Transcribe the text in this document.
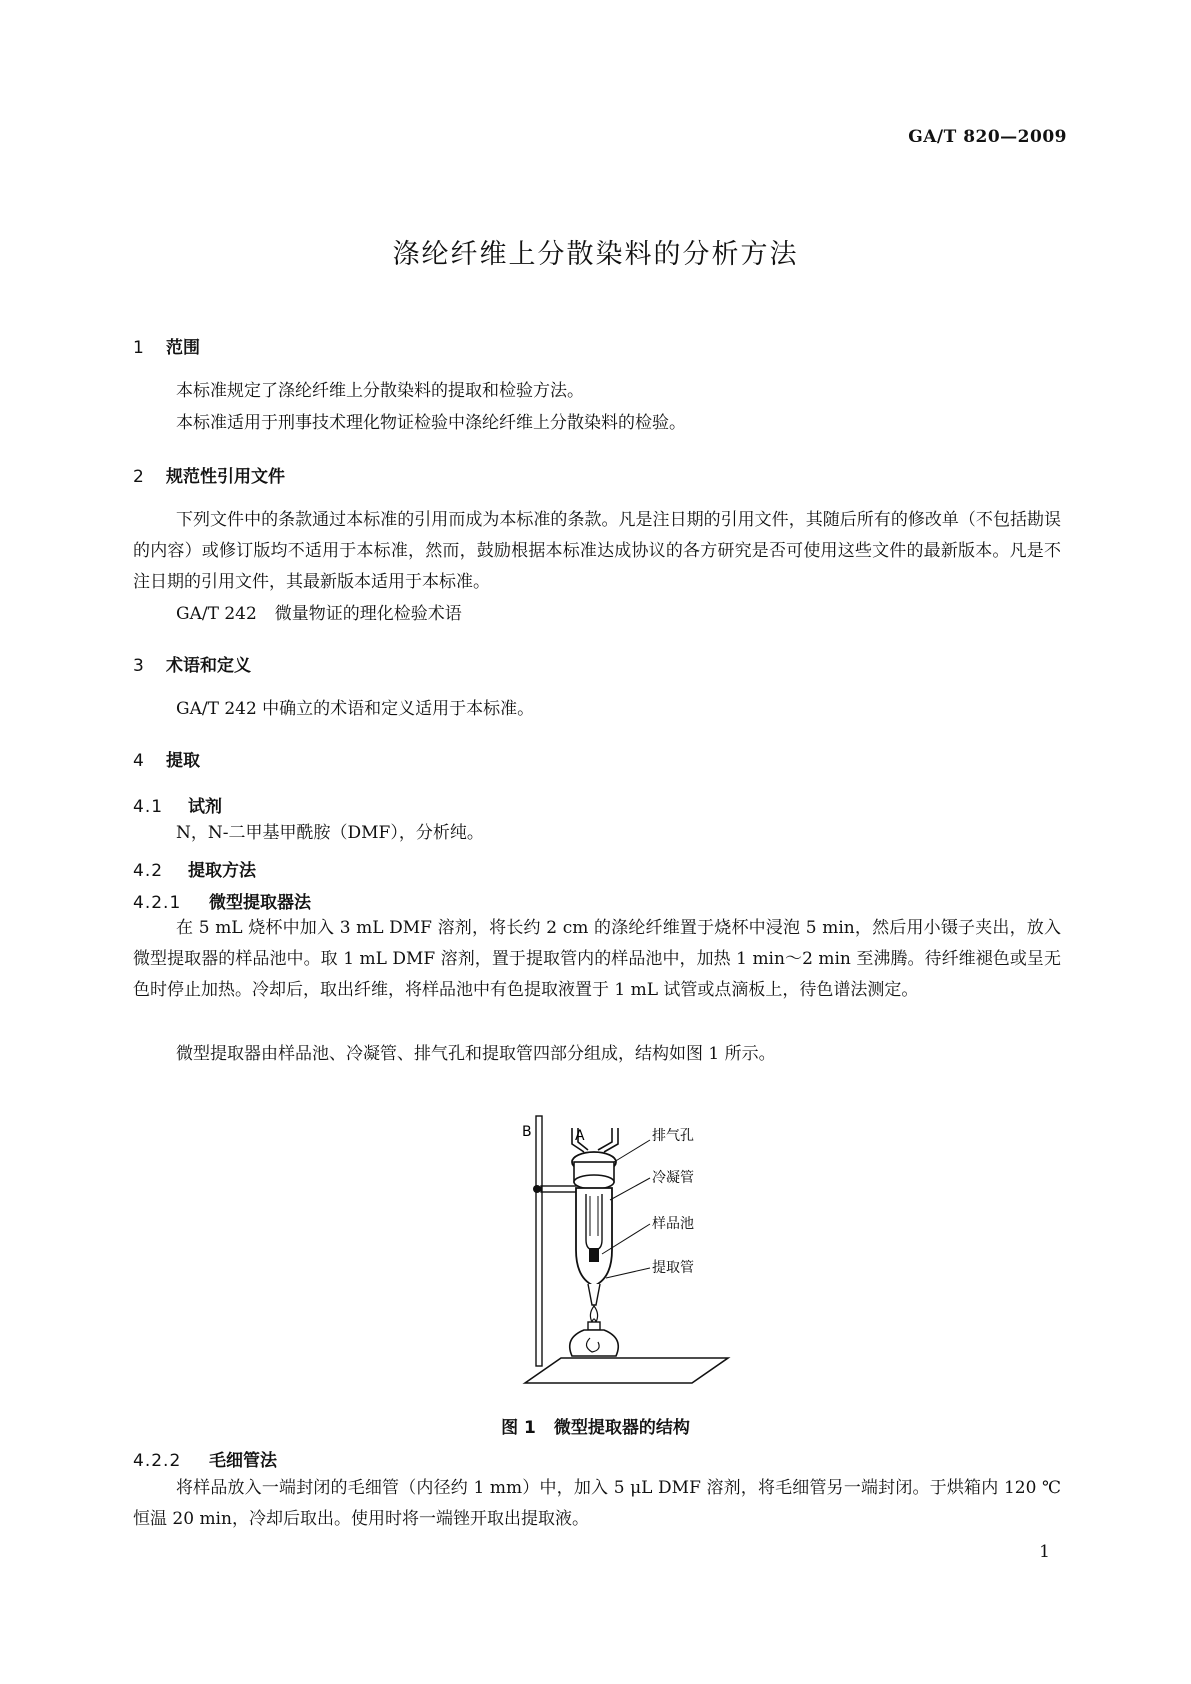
GA/T 820—2009
涤纶纤维上分散染料的分析方法
1 范围
本标准规定了涤纶纤维上分散染料的提取和检验方法。
本标准适用于刑事技术理化物证检验中涤纶纤维上分散染料的检验。
2 规范性引用文件
下列文件中的条款通过本标准的引用而成为本标准的条款。凡是注日期的引用文件，其随后所有的修改单（不包括勘误的内容）或修订版均不适用于本标准，然而，鼓励根据本标准达成协议的各方研究是否可使用这些文件的最新版本。凡是不注日期的引用文件，其最新版本适用于本标准。
GA/T 242 微量物证的理化检验术语
3 术语和定义
GA/T 242 中确立的术语和定义适用于本标准。
4 提取
4.1 试剂
N，N-二甲基甲酰胺（DMF），分析纯。
4.2 提取方法
4.2.1 微型提取器法
在 5 mL 烧杯中加入 3 mL DMF 溶剂，将长约 2 cm 的涤纶纤维置于烧杯中浸泡 5 min，然后用小镊子夹出，放入微型提取器的样品池中。取 1 mL DMF 溶剂，置于提取管内的样品池中，加热 1 min～2 min 至沸腾。待纤维褪色或呈无色时停止加热。冷却后，取出纤维，将样品池中有色提取液置于 1 mL 试管或点滴板上，待色谱法测定。
微型提取器由样品池、冷凝管、排气孔和提取管四部分组成，结构如图 1 所示。
B	A	排气孔
冷凝管
样品池
提取管
图 1 微型提取器的结构
4.2.2 毛细管法
将样品放入一端封闭的毛细管（内径约 1 mm）中，加入 5 μL DMF 溶剂，将毛细管另一端封闭。于烘箱内 120 ℃恒温 20 min，冷却后取出。使用时将一端锉开取出提取液。
1
